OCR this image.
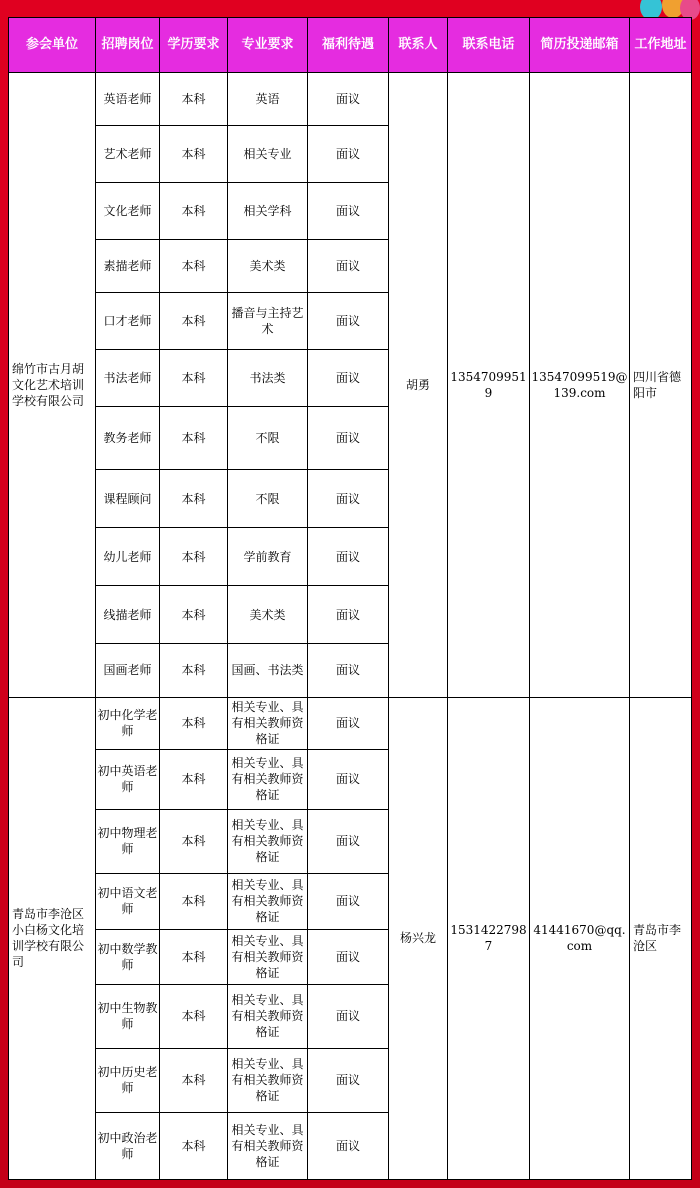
参会单位	招聘岗位	学历要求	专业要求	福利待遇	联系人	联系电话	简历投递邮箱	工作地址
绵竹市古月胡文化艺术培训学校有限公司	英语老师	本科	英语	面议	胡勇	13547099519	13547099519@139.com	四川省德阳市
	艺术老师	本科	相关专业	面议				
	文化老师	本科	相关学科	面议				
	素描老师	本科	美术类	面议				
	口才老师	本科	播音与主持艺术	面议				
	书法老师	本科	书法类	面议				
	教务老师	本科	不限	面议				
	课程顾问	本科	不限	面议				
	幼儿老师	本科	学前教育	面议				
	线描老师	本科	美术类	面议				
	国画老师	本科	国画、书法类	面议				
青岛市李沧区小白杨文化培训学校有限公司	初中化学老师	本科	相关专业、具有相关教师资格证	面议	杨兴龙	15314227987	41441670@qq.com	青岛市李沧区
	初中英语老师	本科	相关专业、具有相关教师资格证	面议				
	初中物理老师	本科	相关专业、具有相关教师资格证	面议				
	初中语文老师	本科	相关专业、具有相关教师资格证	面议				
	初中数学教师	本科	相关专业、具有相关教师资格证	面议				
	初中生物教师	本科	相关专业、具有相关教师资格证	面议				
	初中历史老师	本科	相关专业、具有相关教师资格证	面议				
	初中政治老师	本科	相关专业、具有相关教师资格证	面议				
